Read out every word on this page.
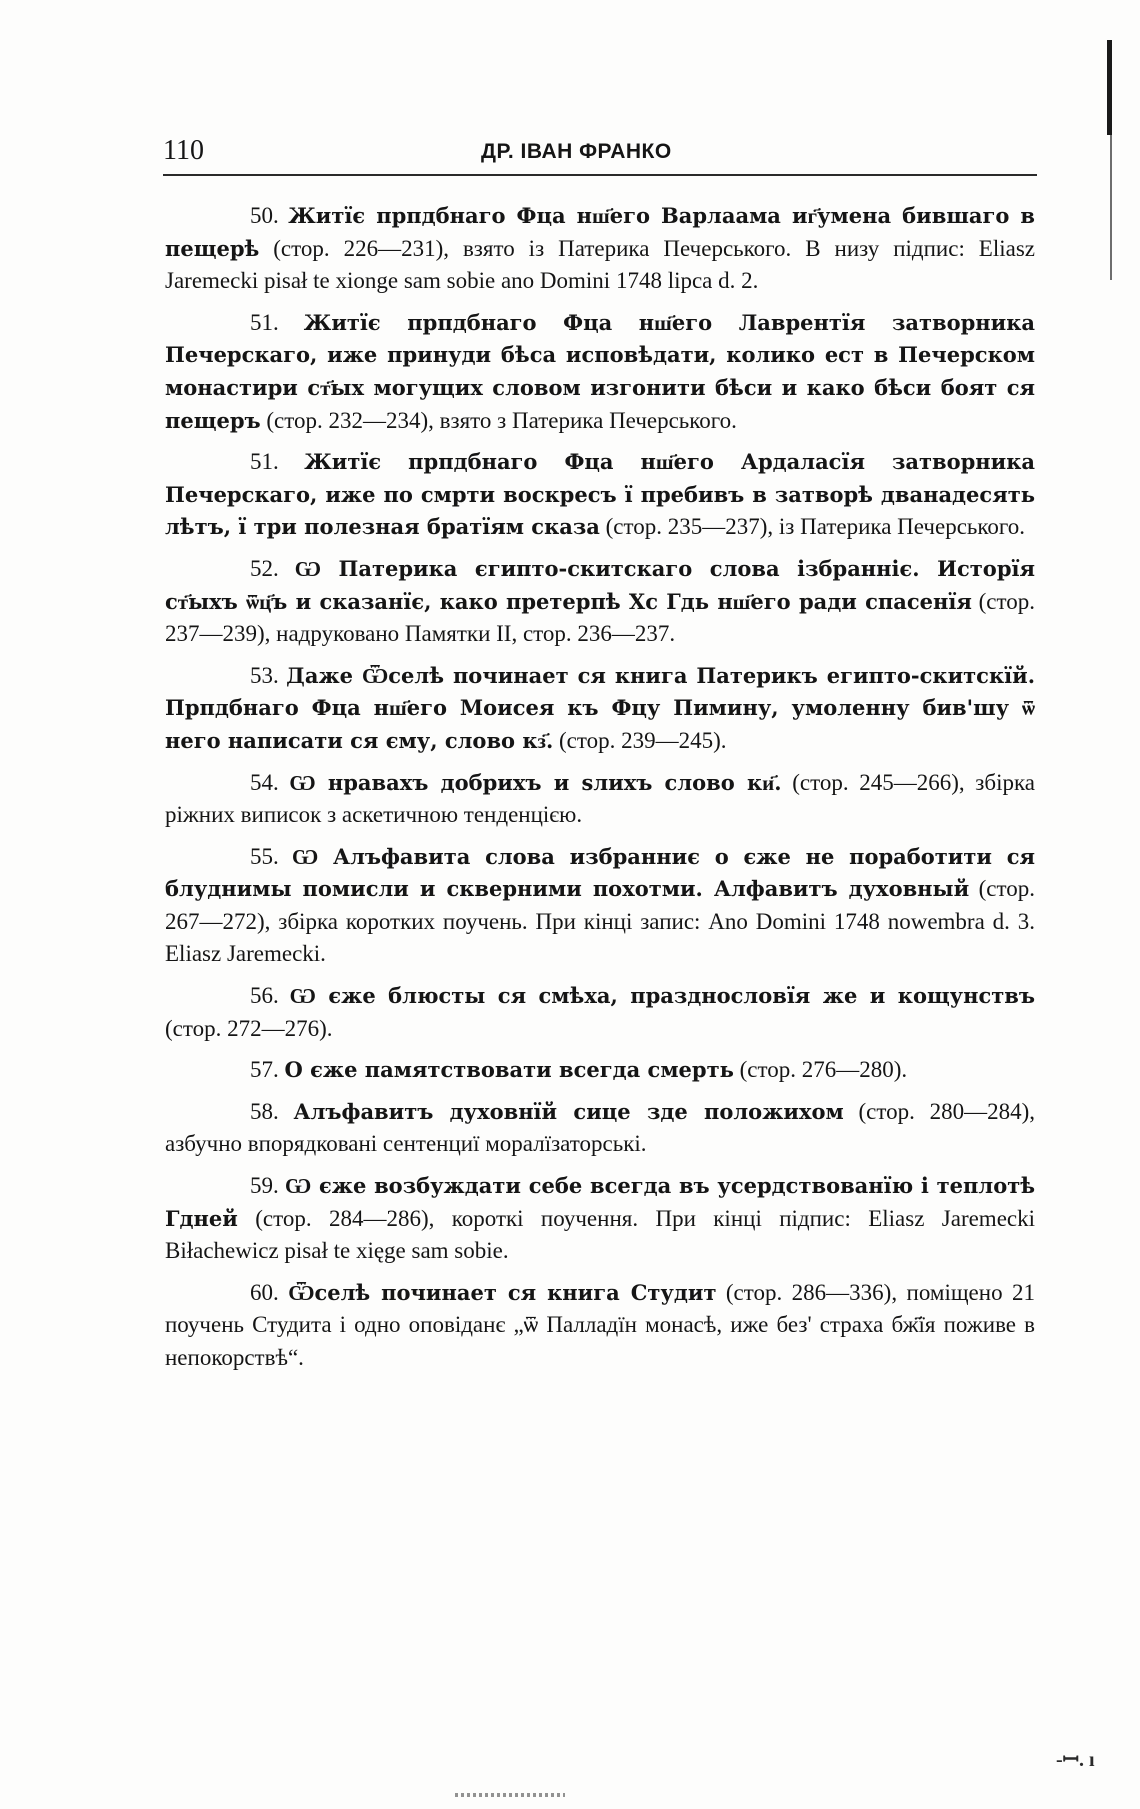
110	ДР. ІВАН ФРАНКО

50. Житїє прпдбнаго Фца нш҃его Варлаама иг҃умена бившаго в пещерѣ (стор. 226—231), взято із Патерика Печерського. В низу підпис: Eliasz Jaremecki pisał te xionge sam sobie ano Domini 1748 lipca d. 2.

51. Житїє прпдбнаго Фца нш҃его Лаврентїя затворника Печерскаго, иже принуди бѣса исповѣдати, колико ест в Печерском монастири ст҃ых могущих словом изгонити бѣси и како бѣси боят ся пещеръ (стор. 232—234), взято з Патерика Печерського.

51. Житїє прпдбнаго Фца нш҃его Ардаласїя затворника Печерскаго, иже по смрти воскресъ ї пребивъ в затворѣ дванадесять лѣтъ, ї три полезная братїям сказа (стор. 235—237), із Патерика Печерського.

52. Ѡ Патерика єгипто-скитскаго слова ізбранніє. Исторїя ст҃ыхъ ѿц҃ъ и сказанїє, како претерпѣ Хс Гдь нш҃его ради спасенїя (стор. 237—239), надруковано Памятки II, стор. 236—237.

53. Даже Ѿселѣ починает ся книга Патерикъ египто-скитскїй. Прпдбнаго Фца нш҃его Моисея къ Фцу Пимину, умоленну бив'шу ѿ него написати ся єму, слово кз҃. (стор. 239—245).

54. Ѡ нравахъ добрихъ и ѕлихъ слово ки҃. (стор. 245—266), збірка ріжних виписок з аскетичною тенденцією.

55. Ѡ Алъфавита слова избранниє о єже не поработити ся блуднимы помисли и скверними похотми. Алфавитъ духовный (стор. 267—272), збірка коротких поучень. При кінці запис: Ano Domini 1748 nowembra d. 3. Eliasz Jaremecki.

56. Ѡ єже блюсты ся смѣха, празднословїя же и кощунствъ (стор. 272—276).

57. О єже памятствовати всегда смерть (стор. 276—280).

58. Алъфавитъ духовнїй сице зде положихом (стор. 280—284), азбучно впорядковані сентенциї моралїзаторські.

59. Ѡ єже возбуждати себе всегда въ усердствованїю і теплотѣ Гдней (стор. 284—286), короткі поучення. При кінці підпис: Eliasz Jaremecki Biłachewicz pisał te xięge sam sobie.

60. Ѿселѣ починает ся книга Студит (стор. 286—336), поміщено 21 поучень Студита і одно оповіданє „ѿ Палладїн монасѣ, иже без' страха бж҃їя поживе в непокорствѣ“.

-ꟷ. ı
